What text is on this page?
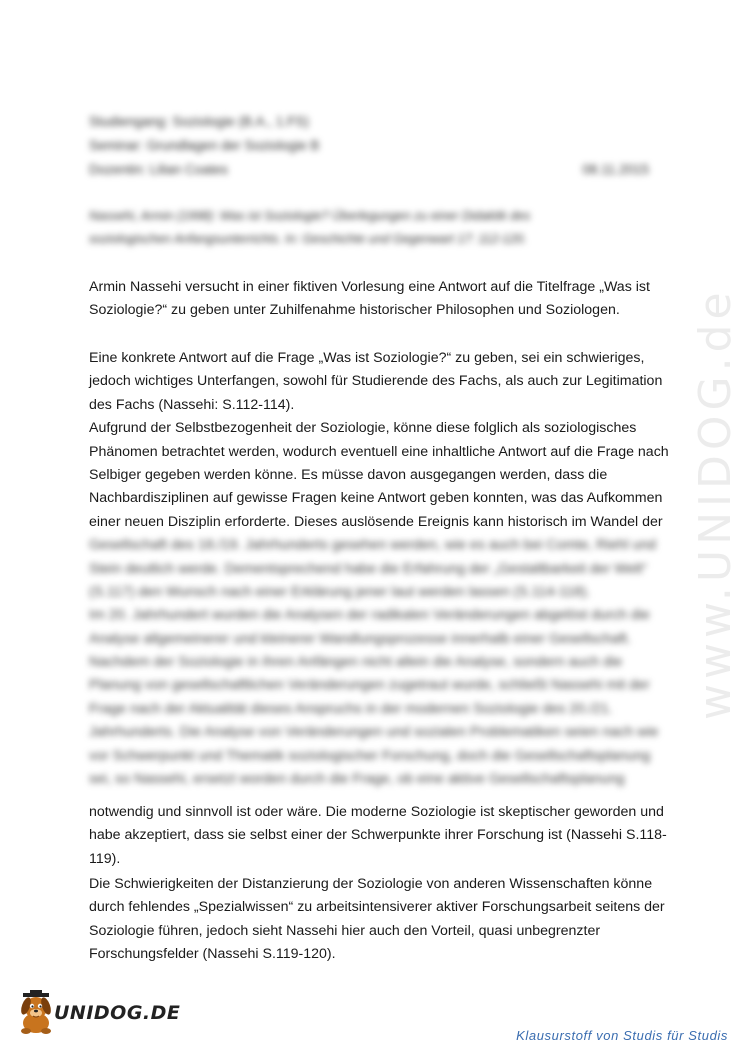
www.UNIDOG.de
Studiengang: Soziologie (B.A., 1.FS)
Seminar: Grundlagen der Soziologie B
Dozentin: Lilian Coates	08.11.2015
Nassehi, Armin (1998): Was ist Soziologie? Überlegungen zu einer Didaktik des
soziologischen Anfangsunterrichts. In: Geschichte und Gegenwart 17: 112-120.
Armin Nassehi versucht in einer fiktiven Vorlesung eine Antwort auf die Titelfrage „Was ist
Soziologie?“ zu geben unter Zuhilfenahme historischer Philosophen und Soziologen.
Eine konkrete Antwort auf die Frage „Was ist Soziologie?“ zu geben, sei ein schwieriges,
jedoch wichtiges Unterfangen, sowohl für Studierende des Fachs, als auch zur Legitimation
des Fachs (Nassehi: S.112-114).
Aufgrund der Selbstbezogenheit der Soziologie, könne diese folglich als soziologisches
Phänomen betrachtet werden, wodurch eventuell eine inhaltliche Antwort auf die Frage nach
Selbiger gegeben werden könne. Es müsse davon ausgegangen werden, dass die
Nachbardisziplinen auf gewisse Fragen keine Antwort geben konnten, was das Aufkommen
einer neuen Disziplin erforderte. Dieses auslösende Ereignis kann historisch im Wandel der
Gesellschaft des 18./19. Jahrhunderts gesehen werden, wie es auch bei Comte, Riehl und
Stein deutlich werde. Dementsprechend habe die Erfahrung der „Gestaltbarkeit der Welt“
(S.117) den Wunsch nach einer Erklärung jener laut werden lassen (S.114-118).
Im 20. Jahrhundert wurden die Analysen der radikalen Veränderungen abgelöst durch die
Analyse allgemeinerer und kleinerer Wandlungsprozesse innerhalb einer Gesellschaft.
Nachdem der Soziologie in ihren Anfängen nicht allein die Analyse, sondern auch die
Planung von gesellschaftlichen Veränderungen zugetraut wurde, schließt Nassehi mit der
Frage nach der Aktualität dieses Anspruchs in der modernen Soziologie des 20./21.
Jahrhunderts. Die Analyse von Veränderungen und sozialen Problematiken seien nach wie
vor Schwerpunkt und Thematik soziologischer Forschung, doch die Gesellschaftsplanung
sei, so Nassehi, ersetzt worden durch die Frage, ob eine aktive Gesellschaftsplanung
notwendig und sinnvoll ist oder wäre. Die moderne Soziologie ist skeptischer geworden und
habe akzeptiert, dass sie selbst einer der Schwerpunkte ihrer Forschung ist (Nassehi S.118-
119).
Die Schwierigkeiten der Distanzierung der Soziologie von anderen Wissenschaften könne
durch fehlendes „Spezialwissen“ zu arbeitsintensiverer aktiver Forschungsarbeit seitens der
Soziologie führen, jedoch sieht Nassehi hier auch den Vorteil, quasi unbegrenzter
Forschungsfelder (Nassehi S.119-120).
UNIDOG.DE
Klausurstoff von Studis für Studis
